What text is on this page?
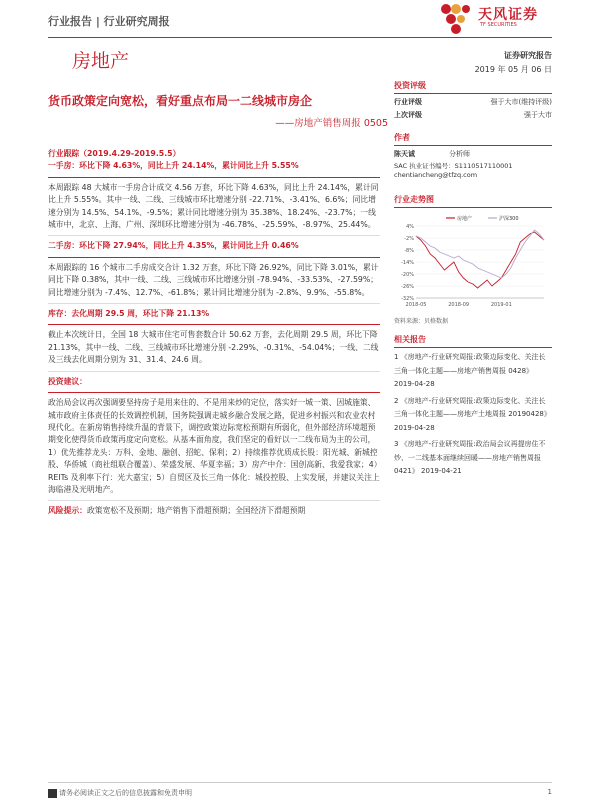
行业报告 | 行业研究周报	天风证券
TF SECURITIES
房地产	证券研究报告
2019 年 05 月 06 日
货币政策定向宽松，看好重点布局一二线城市房企
——房地产销售周报 0505

行业跟踪（2019.4.29-2019.5.5）

一手房：环比下降 4.63%，同比上升 24.14%，累计同比上升 5.55%

本周跟踪 48 大城市一手房合计成交 4.56 万套，环比下降 4.63%，同比上升 24.14%，累计同比上升 5.55%。其中一线、二线、三线城市环比增速分别 -22.71%、-3.41%、6.6%；同比增速分别为 14.5%、54.1%、-9.5%；累计同比增速分别为 35.38%、18.24%、-23.7%；一线城市中，北京、上海、广州、深圳环比增速分别为 -46.78%、-25.59%、-8.97%、25.44%。

二手房：环比下降 27.94%，同比上升 4.35%，累计同比上升 0.46%

本周跟踪的 16 个城市二手房成交合计 1.32 万套，环比下降 26.92%，同比下降 3.01%，累计同比下降 0.38%，其中一线、二线、三线城市环比增速分别 -78.94%、-33.53%、-27.59%；同比增速分别为 -7.4%、12.7%、-61.8%；累计同比增速分别为 -2.8%、9.9%、-55.8%。

库存：去化周期 29.5 周，环比下降 21.13%

截止本次统计日，全国 18 大城市住宅可售套数合计 50.62 万套，去化周期 29.5 周，环比下降 21.13%，其中一线、二线、三线城市环比增速分别 -2.29%、-0.31%、-54.04%；一线、二线及三线去化周期分别为 31、31.4、24.6 周。

投资建议：

政治局会议再次强调要坚持房子是用来住的、不是用来炒的定位，落实好一城一策、因城施策、城市政府主体责任的长效调控机制，国务院强调走城乡融合发展之路，促进乡村振兴和农业农村现代化。在新房销售持续升温的背景下，调控政策边际宽松预期有所弱化，但外部经济环境超预期变化使得货币政策再度定向宽松。从基本面角度，我们坚定的看好以一二线布局为主的公司，1）优先推荐龙头：万科、金地、融创、招蛇、保利；2）持续推荐优质成长股：阳光城、新城控股、华侨城（商社组联合覆盖）、荣盛发展、华夏幸福；3）房产中介：国创高新、我爱我家；4）REITs 及利率下行：光大嘉宝；5）自贸区及长三角一体化：城投控股、上实发展，并建议关注上海临港及光明地产。

风险提示：政策宽松不及预期；地产销售下滑超预期；全国经济下滑超预期

投资评级
行业评级	强于大市(维持评级)
上次评级	强于大市
作者
陈天诚	分析师
SAC 执业证书编号：S1110517110001
chentiancheng@tfzq.com
行业走势图
4%
-2%
-8%
-14%
-20%
-26%
-32%
2018-05	2018-09	2019-01
房地产	沪深300
资料来源：贝格数据
相关报告

1 《房地产-行业研究周报:政策边际变化、关注长三角一体化主题——房地产销售周报 0428》 2019-04-28

2 《房地产-行业研究周报:政策边际变化、关注长三角一体化主题——房地产土地周报 20190428》 2019-04-28

3 《房地产-行业研究周报:政治局会议再提房住不炒、一二线基本面继续回暖——房地产销售周报 0421》 2019-04-21

请务必阅读正文之后的信息披露和免责申明	1
